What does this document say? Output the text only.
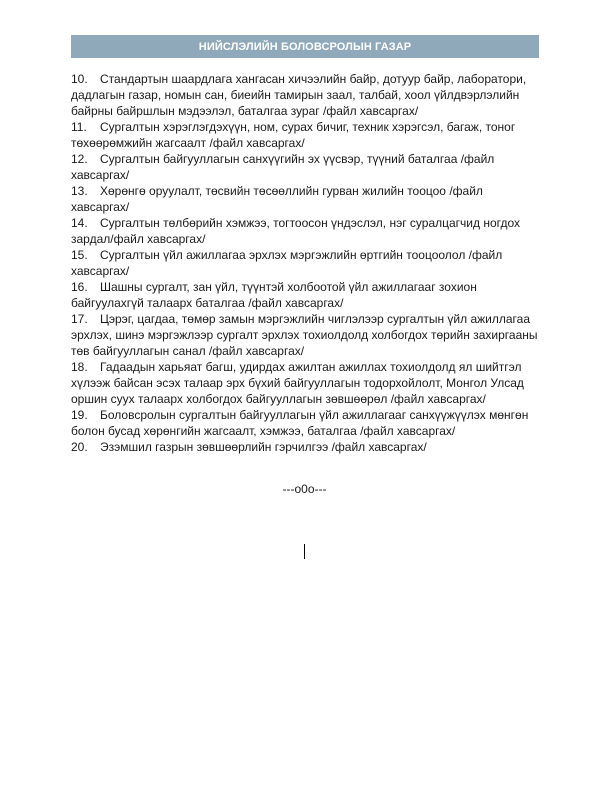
НИЙСЛЭЛИЙН БОЛОВСРОЛЫН ГАЗАР
10. Стандартын шаардлага хангасан хичээлийн байр, дотуур байр, лаборатори,
дадлагын газар, номын сан, биеийн тамирын заал, талбай, хоол үйлдвэрлэлийн
байрны байршлын мэдээлэл, баталгаа зураг /файл хавсаргах/
11. Сургалтын хэрэглэгдэхүүн, ном, сурах бичиг, техник хэрэгсэл, багаж, тоног
төхөөрөмжийн жагсаалт /файл хавсаргах/
12. Сургалтын байгууллагын санхүүгийн эх үүсвэр, түүний баталгаа /файл
хавсаргах/
13. Хөрөнгө оруулалт, төсвийн төсөөллийн гурван жилийн тооцоо /файл
хавсаргах/
14. Сургалтын төлбөрийн хэмжээ, тогтоосон үндэслэл, нэг суралцагчид ногдох
зардал/файл хавсаргах/
15. Сургалтын үйл ажиллагаа эрхлэх мэргэжлийн өртгийн тооцоолол /файл
хавсаргах/
16. Шашны сургалт, зан үйл, түүнтэй холбоотой үйл ажиллагааг зохион
байгуулахгүй талаарх баталгаа /файл хавсаргах/
17. Цэрэг, цагдаа, төмөр замын мэргэжлийн чиглэлээр сургалтын үйл ажиллагаа
эрхлэх, шинэ мэргэжлээр сургалт эрхлэх тохиолдолд холбогдох төрийн захиргааны
төв байгууллагын санал /файл хавсаргах/
18. Гадаадын харьяат багш, удирдах ажилтан ажиллах тохиолдолд ял шийтгэл
хүлээж байсан эсэх талаар эрх бүхий байгууллагын тодорхойлолт, Монгол Улсад
оршин суух талаарх холбогдох байгууллагын зөвшөөрөл /файл хавсаргах/
19. Боловсролын сургалтын байгууллагын үйл ажиллагааг санхүүжүүлэх мөнгөн
болон бусад хөрөнгийн жагсаалт, хэмжээ, баталгаа /файл хавсаргах/
20. Эзэмшил газрын зөвшөөрлийн гэрчилгээ /файл хавсаргах/
---o0o---
